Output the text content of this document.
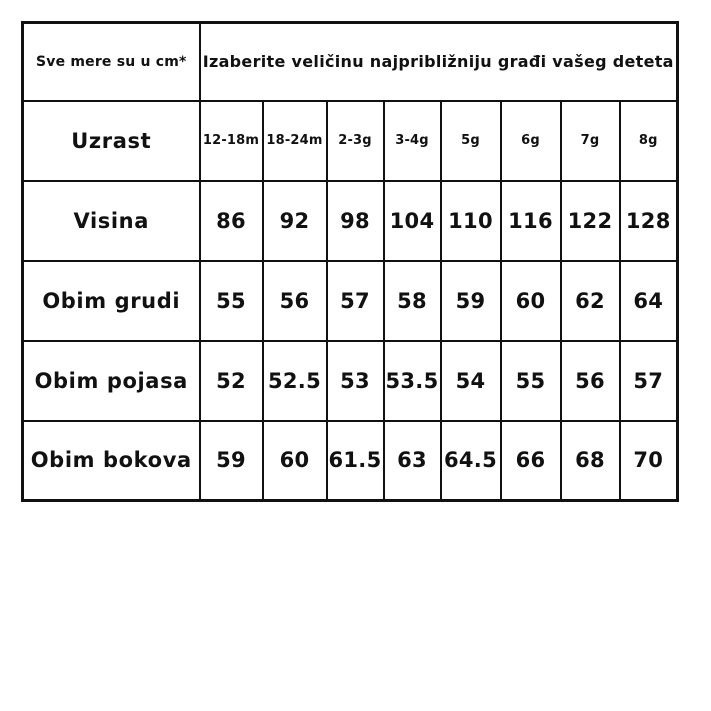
Sve mere su u cm*	Izaberite veličinu najpribližniju građi vašeg deteta							
Uzrast	12-18m	18-24m	2-3g	3-4g	5g	6g	7g	8g
Visina	86	92	98	104	110	116	122	128
Obim grudi	55	56	57	58	59	60	62	64
Obim pojasa	52	52.5	53	53.5	54	55	56	57
Obim bokova	59	60	61.5	63	64.5	66	68	70
